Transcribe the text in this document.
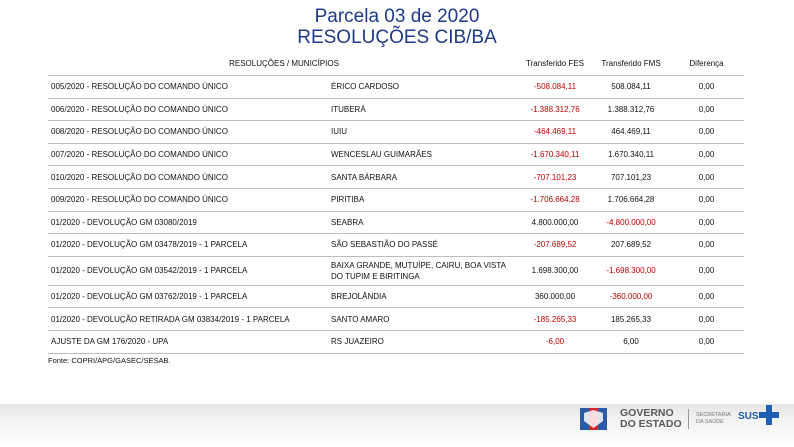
Parcela 03 de 2020
RESOLUÇÕES CIB/BA
RESOLUÇÕES / MUNICÍPIOS		Transferido FES	Transferido FMS	Diferença
005/2020 - RESOLUÇÃO DO COMANDO ÚNICO	ÉRICO CARDOSO	-508.084,11	508.084,11	0,00
006/2020 - RESOLUÇÃO DO COMANDO ÚNICO	ITUBERÁ	-1.388.312,76	1.388.312,76	0,00
008/2020 - RESOLUÇÃO DO COMANDO ÚNICO	IUIU	-464.469,11	464.469,11	0,00
007/2020 - RESOLUÇÃO DO COMANDO ÚNICO	WENCESLAU GUIMARÃES	-1.670.340,11	1.670.340,11	0,00
010/2020 - RESOLUÇÃO DO COMANDO ÚNICO	SANTA BÁRBARA	-707.101,23	707.101,23	0,00
009/2020 - RESOLUÇÃO DO COMANDO ÚNICO	PIRITIBA	-1.706.664,28	1.706.664,28	0,00
01/2020 - DEVOLUÇÃO GM 03080/2019	SEABRA	4.800.000,00	-4.800.000,00	0,00
01/2020 - DEVOLUÇÃO GM 03478/2019 - 1 PARCELA	SÃO SEBASTIÃO DO PASSÉ	-207.689,52	207.689,52	0,00
01/2020 - DEVOLUÇÃO GM 03542/2019 - 1 PARCELA	BAIXA GRANDE, MUTUÍPE, CAIRU, BOA VISTA DO TUPIM E BIRITINGA	1.698.300,00	-1.698.300,00	0,00
01/2020 - DEVOLUÇÃO GM 03762/2019 - 1 PARCELA	BREJOLÂNDIA	360.000,00	-360.000,00	0,00
01/2020 - DEVOLUÇÃO RETIRADA GM 03834/2019 - 1 PARCELA	SANTO AMARO	-185.265,33	185.265,33	0,00
AJUSTE DA GM 176/2020 - UPA	RS JUAZEIRO	-6,00	6,00	0,00
Fonte: COPRI/APG/GASEC/SESAB.
GOVERNO
DO ESTADO
SECRETARIA
DA SAÚDE SUS
